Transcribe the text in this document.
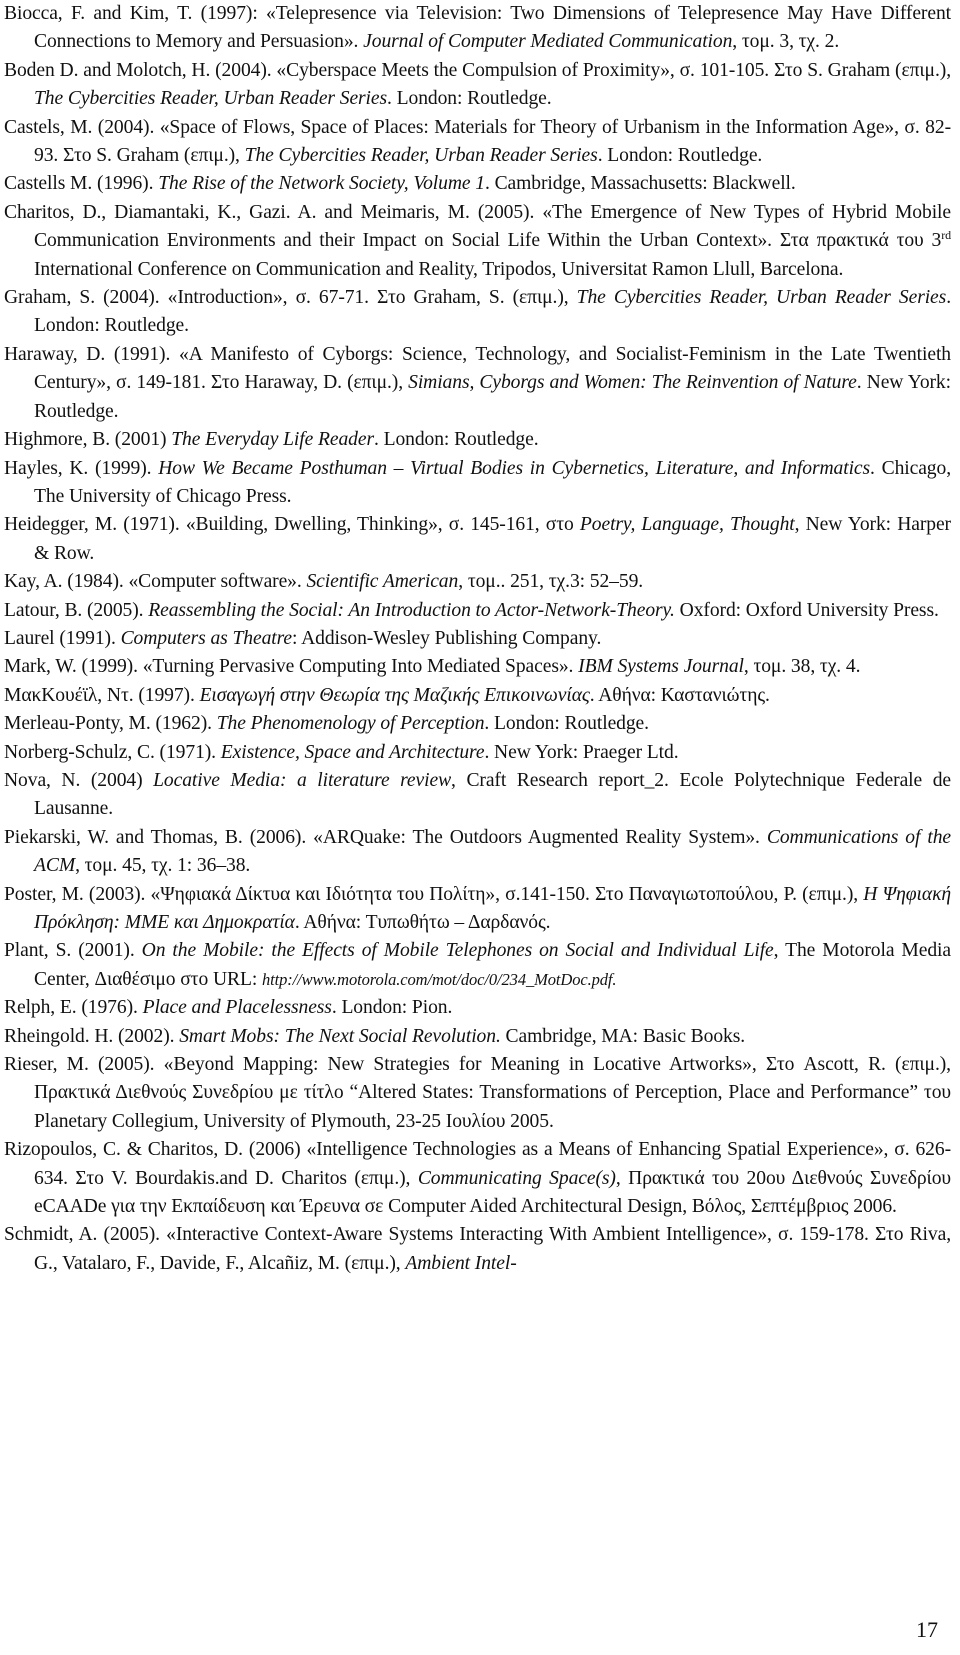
Biocca, F. and Kim, T. (1997): «Telepresence via Television: Two Dimensions of Telepresence May Have Different Connections to Memory and Persuasion». Journal of Computer Mediated Communication, τομ. 3, τχ. 2.

Boden D. and Molotch, H. (2004). «Cyberspace Meets the Compulsion of Proximity», σ. 101-105. Στο S. Graham (επιμ.), The Cybercities Reader, Urban Reader Series. London: Routledge.

Castels, M. (2004). «Space of Flows, Space of Places: Materials for Theory of Urbanism in the Information Age», σ. 82-93. Στο S. Graham (επιμ.), The Cybercities Reader, Urban Reader Series. London: Routledge.

Castells M. (1996). The Rise of the Network Society, Volume 1. Cambridge, Massachusetts: Blackwell.

Charitos, D., Diamantaki, K., Gazi. A. and Meimaris, M. (2005). «The Emergence of New Types of Hybrid Mobile Communication Environments and their Impact on Social Life Within the Urban Context». Στα πρακτικά του 3rd International Conference on Communication and Reality, Tripodos, Universitat Ramon Llull, Barcelona.

Graham, S. (2004). «Introduction», σ. 67-71. Στο Graham, S. (επιμ.), The Cybercities Reader, Urban Reader Series. London: Routledge.

Haraway, D. (1991). «A Manifesto of Cyborgs: Science, Technology, and Socialist-Feminism in the Late Twentieth Century», σ. 149-181. Στο Haraway, D. (επιμ.), Simians, Cyborgs and Women: The Reinvention of Nature. New York: Routledge.

Highmore, B. (2001) The Everyday Life Reader. London: Routledge.

Hayles, K. (1999). How We Became Posthuman – Virtual Bodies in Cybernetics, Literature, and Informatics. Chicago, The University of Chicago Press.

Heidegger, M. (1971). «Building, Dwelling, Thinking», σ. 145-161, στο Poetry, Language, Thought, New York: Harper & Row.

Kay, A. (1984). «Computer software». Scientific American, τομ.. 251, τχ.3: 52–59.

Latour, B. (2005). Reassembling the Social: An Introduction to Actor-Network-Theory. Oxford: Oxford University Press.

Laurel (1991). Computers as Theatre: Addison-Wesley Publishing Company.

Mark, W. (1999). «Turning Pervasive Computing Into Mediated Spaces». IBM Systems Journal, τομ. 38, τχ. 4.

ΜακΚουέϊλ, Ντ. (1997). Εισαγωγή στην Θεωρία της Μαζικής Επικοινωνίας. Αθήνα: Καστανιώτης.

Merleau-Ponty, M. (1962). The Phenomenology of Perception. London: Routledge.

Norberg-Schulz, C. (1971). Existence, Space and Architecture. New York: Praeger Ltd.

Nova, N. (2004) Locative Media: a literature review, Craft Research report_2. Ecole Polytechnique Federale de Lausanne.

Piekarski, W. and Thomas, B. (2006). «ARQuake: The Outdoors Augmented Reality System». Communications of the ACM, τομ. 45, τχ. 1: 36–38.

Poster, M. (2003). «Ψηφιακά Δίκτυα και Ιδιότητα του Πολίτη», σ.141-150. Στο Παναγιωτοπούλου, Ρ. (επιμ.), Η Ψηφιακή Πρόκληση: ΜΜΕ και Δημοκρατία. Αθήνα: Τυπωθήτω – Δαρδανός.

Plant, S. (2001). On the Mobile: the Effects of Mobile Telephones on Social and Individual Life, The Motorola Media Center, Διαθέσιμο στο URL: http://www.motorola.com/mot/doc/0/234_MotDoc.pdf.

Relph, E. (1976). Place and Placelessness. London: Pion.

Rheingold. H. (2002). Smart Mobs: The Next Social Revolution. Cambridge, MA: Basic Books.

Rieser, M. (2005). «Beyond Mapping: New Strategies for Meaning in Locative Artworks», Στο Ascott, R. (επιμ.), Πρακτικά Διεθνούς Συνεδρίου με τίτλο “Altered States: Transformations of Perception, Place and Performance” του Planetary Collegium, University of Plymouth, 23-25 Ιουλίου 2005.

Rizopoulos, C. & Charitos, D. (2006) «Intelligence Technologies as a Means of Enhancing Spatial Experience», σ. 626-634. Στο V. Bourdakis.and D. Charitos (επιμ.), Communicating Space(s), Πρακτικά του 20ου Διεθνούς Συνεδρίου eCAADe για την Εκπαίδευση και Έρευνα σε Computer Aided Architectural Design, Βόλος, Σεπτέμβριος 2006.

Schmidt, A. (2005). «Interactive Context-Aware Systems Interacting With Ambient Intelligence», σ. 159-178. Στο Riva, G., Vatalaro, F., Davide, F., Alcañiz, M. (επιμ.), Ambient Intel-

17
